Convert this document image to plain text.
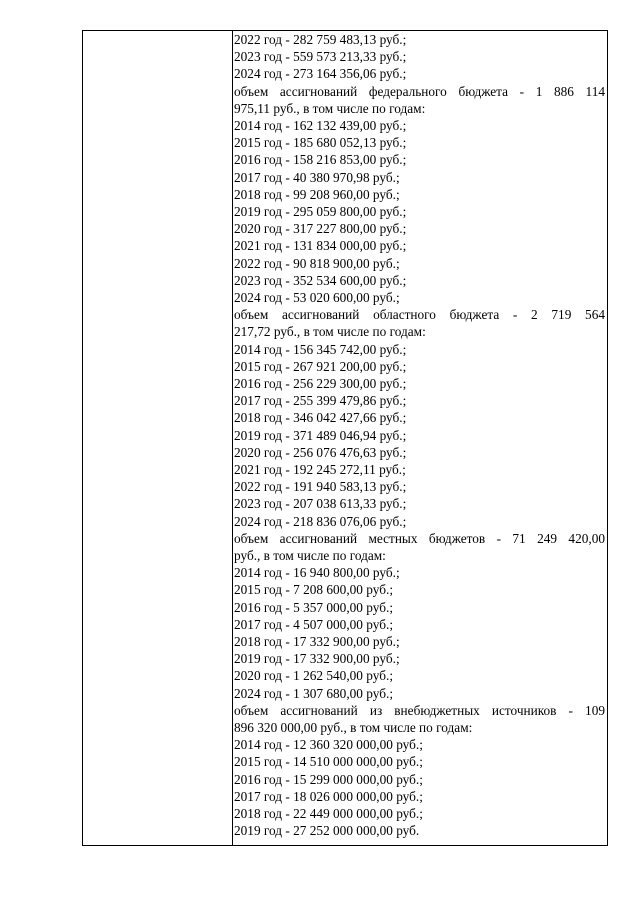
2022 год - 282 759 483,13 руб.;
2023 год - 559 573 213,33 руб.;
2024 год - 273 164 356,06 руб.;
объем ассигнований федерального бюджета - 1 886 114
975,11 руб., в том числе по годам:
2014 год - 162 132 439,00 руб.;
2015 год - 185 680 052,13 руб.;
2016 год - 158 216 853,00 руб.;
2017 год - 40 380 970,98 руб.;
2018 год - 99 208 960,00 руб.;
2019 год - 295 059 800,00 руб.;
2020 год - 317 227 800,00 руб.;
2021 год - 131 834 000,00 руб.;
2022 год - 90 818 900,00 руб.;
2023 год - 352 534 600,00 руб.;
2024 год - 53 020 600,00 руб.;
объем ассигнований областного бюджета - 2 719 564
217,72 руб., в том числе по годам:
2014 год - 156 345 742,00 руб.;
2015 год - 267 921 200,00 руб.;
2016 год - 256 229 300,00 руб.;
2017 год - 255 399 479,86 руб.;
2018 год - 346 042 427,66 руб.;
2019 год - 371 489 046,94 руб.;
2020 год - 256 076 476,63 руб.;
2021 год - 192 245 272,11 руб.;
2022 год - 191 940 583,13 руб.;
2023 год - 207 038 613,33 руб.;
2024 год - 218 836 076,06 руб.;
объем ассигнований местных бюджетов - 71 249 420,00
руб., в том числе по годам:
2014 год - 16 940 800,00 руб.;
2015 год - 7 208 600,00 руб.;
2016 год - 5 357 000,00 руб.;
2017 год - 4 507 000,00 руб.;
2018 год - 17 332 900,00 руб.;
2019 год - 17 332 900,00 руб.;
2020 год - 1 262 540,00 руб.;
2024 год - 1 307 680,00 руб.;
объем ассигнований из внебюджетных источников - 109
896 320 000,00 руб., в том числе по годам:
2014 год - 12 360 320 000,00 руб.;
2015 год - 14 510 000 000,00 руб.;
2016 год - 15 299 000 000,00 руб.;
2017 год - 18 026 000 000,00 руб.;
2018 год - 22 449 000 000,00 руб.;
2019 год - 27 252 000 000,00 руб.
